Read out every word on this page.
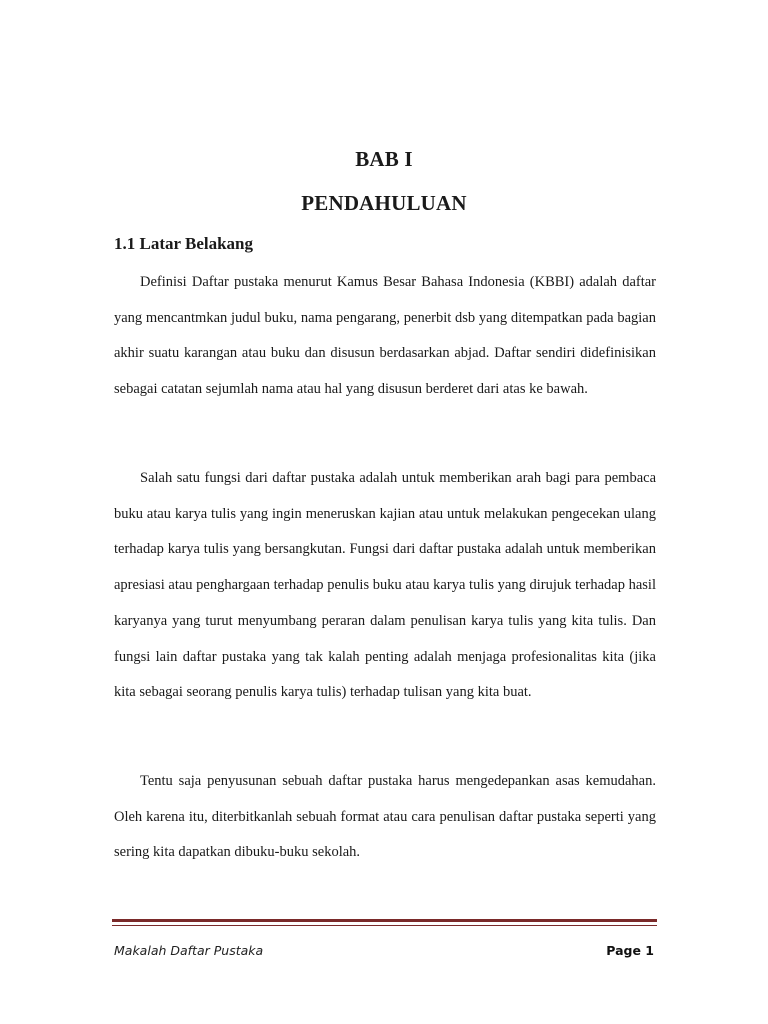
BAB I
PENDAHULUAN
1.1 Latar Belakang

Definisi Daftar pustaka menurut Kamus Besar Bahasa Indonesia (KBBI) adalah daftar yang mencantmkan judul buku, nama pengarang, penerbit dsb yang ditempatkan pada bagian akhir suatu karangan atau buku dan disusun berdasarkan abjad. Daftar sendiri didefinisikan sebagai catatan sejumlah nama atau hal yang disusun berderet dari atas ke bawah.

Salah satu fungsi dari daftar pustaka adalah untuk memberikan arah bagi para pembaca buku atau karya tulis yang ingin meneruskan kajian atau untuk melakukan pengecekan ulang terhadap karya tulis yang bersangkutan. Fungsi dari daftar pustaka adalah untuk memberikan apresiasi atau penghargaan terhadap penulis buku atau karya tulis yang dirujuk terhadap hasil karyanya yang turut menyumbang peraran dalam penulisan karya tulis yang kita tulis. Dan fungsi lain daftar pustaka yang tak kalah penting adalah menjaga profesionalitas kita (jika kita sebagai seorang penulis karya tulis) terhadap tulisan yang kita buat.

Tentu saja penyusunan sebuah daftar pustaka harus mengedepankan asas kemudahan. Oleh karena itu, diterbitkanlah sebuah format atau cara penulisan daftar pustaka seperti yang sering kita dapatkan dibuku-buku sekolah.

Makalah Daftar Pustaka	Page 1
